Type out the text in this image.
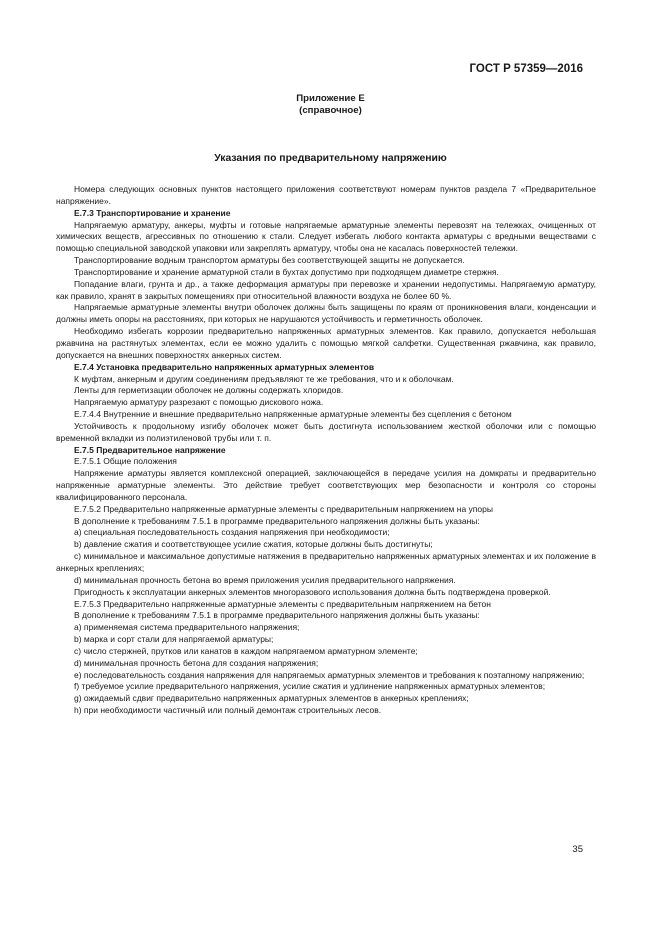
ГОСТ Р 57359—2016
Приложение Е
(справочное)
Указания по предварительному напряжению

Номера следующих основных пунктов настоящего приложения соответствуют номерам пунктов раздела 7 «Предварительное напряжение».

Е.7.3 Транспортирование и хранение

Напрягаемую арматуру, анкеры, муфты и готовые напрягаемые арматурные элементы перевозят на тележках, очищенных от химических веществ, агрессивных по отношению к стали. Следует избегать любого контакта арматуры с вредными веществами с помощью специальной заводской упаковки или закреплять арматуру, чтобы она не касалась поверхностей тележки.

Транспортирование водным транспортом арматуры без соответствующей защиты не допускается.

Транспортирование и хранение арматурной стали в бухтах допустимо при подходящем диаметре стержня.

Попадание влаги, грунта и др., а также деформация арматуры при перевозке и хранении недопустимы. Напрягаемую арматуру, как правило, хранят в закрытых помещениях при относительной влажности воздуха не более 60 %.

Напрягаемые арматурные элементы внутри оболочек должны быть защищены по краям от проникновения влаги, конденсации и должны иметь опоры на расстояниях, при которых не нарушаются устойчивость и герметичность оболочек.

Необходимо избегать коррозии предварительно напряженных арматурных элементов. Как правило, допускается небольшая ржавчина на растянутых элементах, если ее можно удалить с помощью мягкой салфетки. Существенная ржавчина, как правило, допускается на внешних поверхностях анкерных систем.

Е.7.4 Установка предварительно напряженных арматурных элементов

К муфтам, анкерным и другим соединениям предъявляют те же требования, что и к оболочкам.

Ленты для герметизации оболочек не должны содержать хлоридов.

Напрягаемую арматуру разрезают с помощью дискового ножа.

Е.7.4.4 Внутренние и внешние предварительно напряженные арматурные элементы без сцепления с бетоном

Устойчивость к продольному изгибу оболочек может быть достигнута использованием жесткой оболочки или с помощью временной вкладки из полиэтиленовой трубы или т. п.

Е.7.5 Предварительное напряжение

Е.7.5.1 Общие положения

Напряжение арматуры является комплексной операцией, заключающейся в передаче усилия на домкраты и предварительно напряженные арматурные элементы. Это действие требует соответствующих мер безопасности и контроля со стороны квалифицированного персонала.

Е.7.5.2 Предварительно напряженные арматурные элементы с предварительным напряжением на упоры

В дополнение к требованиям 7.5.1 в программе предварительного напряжения должны быть указаны:

а) специальная последовательность создания напряжения при необходимости;

b) давление сжатия и соответствующее усилие сжатия, которые должны быть достигнуты;

с) минимальное и максимальное допустимые натяжения в предварительно напряженных арматурных элементах и их положение в анкерных креплениях;

d) минимальная прочность бетона во время приложения усилия предварительного напряжения.

Пригодность к эксплуатации анкерных элементов многоразового использования должна быть подтверждена проверкой.

Е.7.5.3 Предварительно напряженные арматурные элементы с предварительным напряжением на бетон

В дополнение к требованиям 7.5.1 в программе предварительного напряжения должны быть указаны:

а) применяемая система предварительного напряжения;

b) марка и сорт стали для напрягаемой арматуры;

с) число стержней, прутков или канатов в каждом напрягаемом арматурном элементе;

d) минимальная прочность бетона для создания напряжения;

е) последовательность создания напряжения для напрягаемых арматурных элементов и требования к поэтапному напряжению;

f) требуемое усилие предварительного напряжения, усилие сжатия и удлинение напряженных арматурных элементов;

g) ожидаемый сдвиг предварительно напряженных арматурных элементов в анкерных креплениях;

h) при необходимости частичный или полный демонтаж строительных лесов.

35
